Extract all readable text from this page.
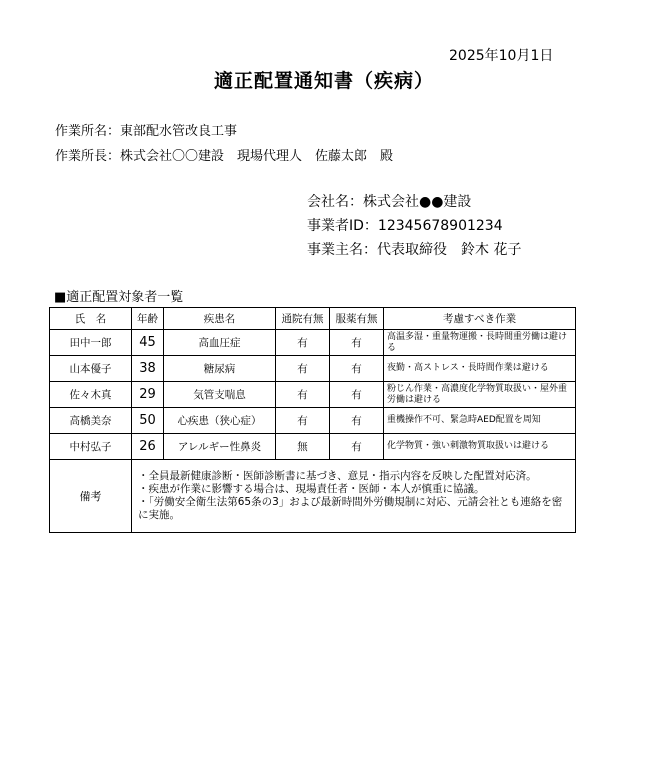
2025年10月1日
適正配置通知書（疾病）
作業所名：東部配水管改良工事
作業所長：株式会社〇〇建設　現場代理人　佐藤太郎　殿
会社名：株式会社●●建設
事業者ID：12345678901234
事業主名：代表取締役　鈴木 花子
■適正配置対象者一覧
氏　名	年齢	疾患名	通院有無	服薬有無	考慮すべき作業
田中一郎	45	高血圧症	有	有	高温多湿・重量物運搬・長時間重労働は避ける
山本優子	38	糖尿病	有	有	夜勤・高ストレス・長時間作業は避ける
佐々木真	29	気管支喘息	有	有	粉じん作業・高濃度化学物質取扱い・屋外重労働は避ける
高橋美奈	50	心疾患（狭心症）	有	有	重機操作不可、緊急時AED配置を周知
中村弘子	26	アレルギー性鼻炎	無	有	化学物質・強い刺激物質取扱いは避ける
備考	・全員最新健康診断・医師診断書に基づき、意見・指示内容を反映した配置対応済。
・疾患が作業に影響する場合は、現場責任者・医師・本人が慎重に協議。
・「労働安全衛生法第65条の3」および最新時間外労働規制に対応、元請会社とも連絡を密に実施。				
